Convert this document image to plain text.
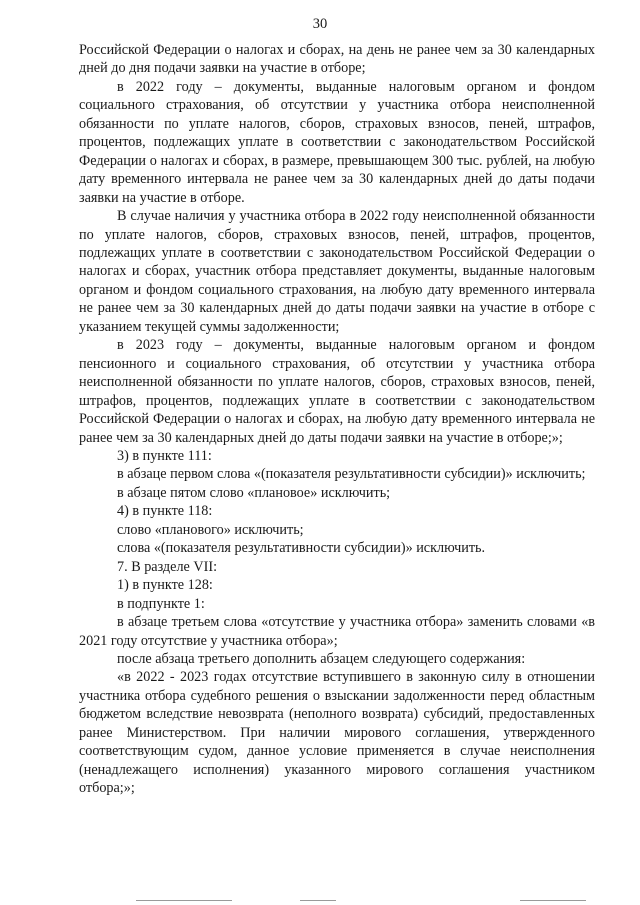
30

Российской Федерации о налогах и сборах, на день не ранее чем за 30 календарных дней до дня подачи заявки на участие в отборе;

в 2022 году – документы, выданные налоговым органом и фондом социального страхования, об отсутствии у участника отбора неисполненной обязанности по уплате налогов, сборов, страховых взносов, пеней, штрафов, процентов, подлежащих уплате в соответствии с законодательством Российской Федерации о налогах и сборах, в размере, превышающем 300 тыс. рублей, на любую дату временного интервала не ранее чем за 30 календарных дней до даты подачи заявки на участие в отборе.

В случае наличия у участника отбора в 2022 году неисполненной обязанности по уплате налогов, сборов, страховых взносов, пеней, штрафов, процентов, подлежащих уплате в соответствии с законодательством Российской Федерации о налогах и сборах, участник отбора представляет документы, выданные налоговым органом и фондом социального страхования, на любую дату временного интервала не ранее чем за 30 календарных дней до даты подачи заявки на участие в отборе с указанием текущей суммы задолженности;

в 2023 году – документы, выданные налоговым органом и фондом пенсионного и социального страхования, об отсутствии у участника отбора неисполненной обязанности по уплате налогов, сборов, страховых взносов, пеней, штрафов, процентов, подлежащих уплате в соответствии с законодательством Российской Федерации о налогах и сборах, на любую дату временного интервала не ранее чем за 30 календарных дней до даты подачи заявки на участие в отборе;»;

3) в пункте 111:

в абзаце первом слова «(показателя результативности субсидии)» исключить;

в абзаце пятом слово «плановое» исключить;

4) в пункте 118:

слово «планового» исключить;

слова «(показателя результативности субсидии)» исключить.

7. В разделе VII:

1) в пункте 128:

в подпункте 1:

в абзаце третьем слова «отсутствие у участника отбора» заменить словами «в 2021 году отсутствие у участника отбора»;

после абзаца третьего дополнить абзацем следующего содержания:

«в 2022 - 2023 годах отсутствие вступившего в законную силу в отношении участника отбора судебного решения о взыскании задолженности перед областным бюджетом вследствие невозврата (неполного возврата) субсидий, предоставленных ранее Министерством. При наличии мирового соглашения, утвержденного соответствующим судом, данное условие применяется в случае неисполнения (ненадлежащего исполнения) указанного мирового соглашения участником отбора;»;
